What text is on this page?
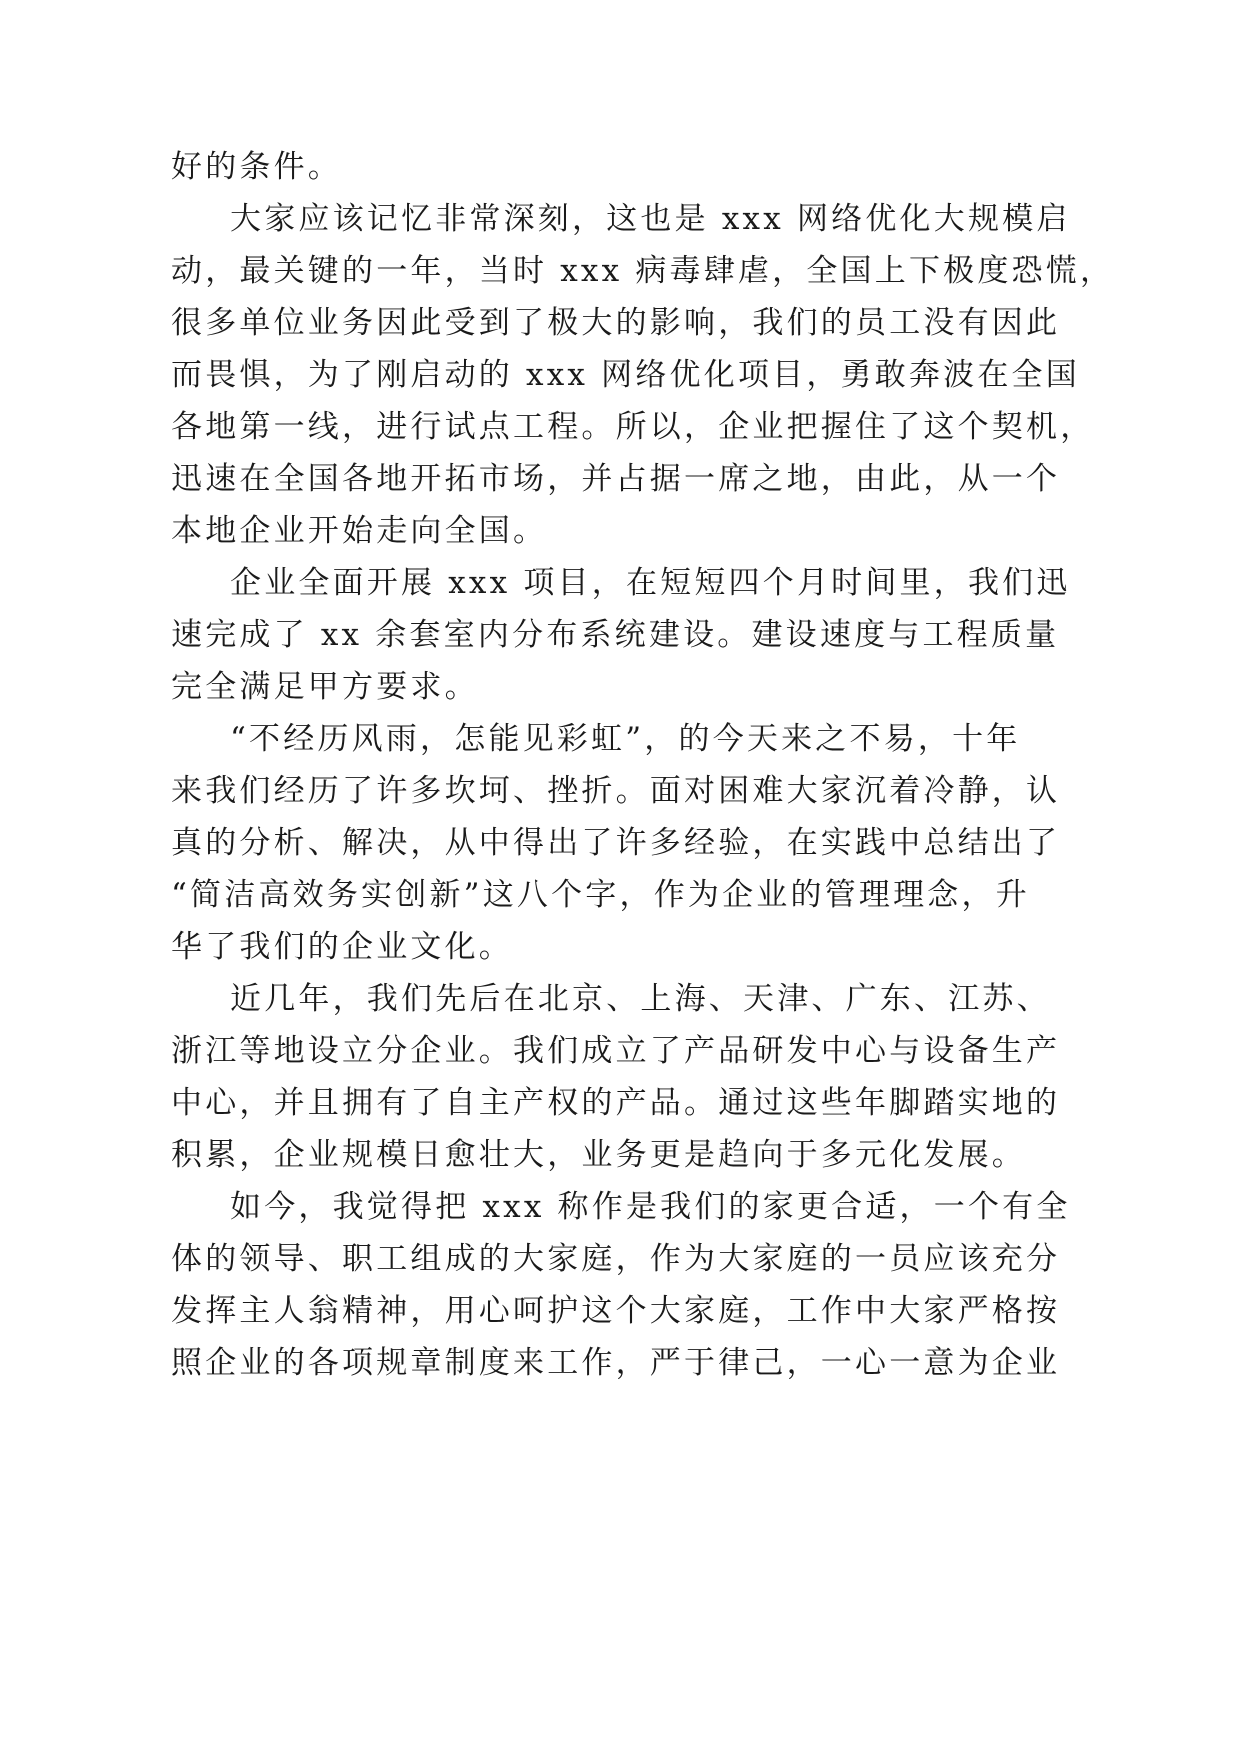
好的条件。
大家应该记忆非常深刻，这也是 xxx 网络优化大规模启
动，最关键的一年，当时 xxx 病毒肆虐，全国上下极度恐慌，
很多单位业务因此受到了极大的影响，我们的员工没有因此
而畏惧，为了刚启动的 xxx 网络优化项目，勇敢奔波在全国
各地第一线，进行试点工程。所以，企业把握住了这个契机，
迅速在全国各地开拓市场，并占据一席之地，由此，从一个
本地企业开始走向全国。
企业全面开展 xxx 项目，在短短四个月时间里，我们迅
速完成了 xx 余套室内分布系统建设。建设速度与工程质量
完全满足甲方要求。
“不经历风雨，怎能见彩虹”，的今天来之不易，十年
来我们经历了许多坎坷、挫折。面对困难大家沉着冷静，认
真的分析、解决，从中得出了许多经验，在实践中总结出了
“简洁高效务实创新”这八个字，作为企业的管理理念，升
华了我们的企业文化。
近几年，我们先后在北京、上海、天津、广东、江苏、
浙江等地设立分企业。我们成立了产品研发中心与设备生产
中心，并且拥有了自主产权的产品。通过这些年脚踏实地的
积累，企业规模日愈壮大，业务更是趋向于多元化发展。
如今，我觉得把 xxx 称作是我们的家更合适，一个有全
体的领导、职工组成的大家庭，作为大家庭的一员应该充分
发挥主人翁精神，用心呵护这个大家庭，工作中大家严格按
照企业的各项规章制度来工作，严于律己，一心一意为企业
